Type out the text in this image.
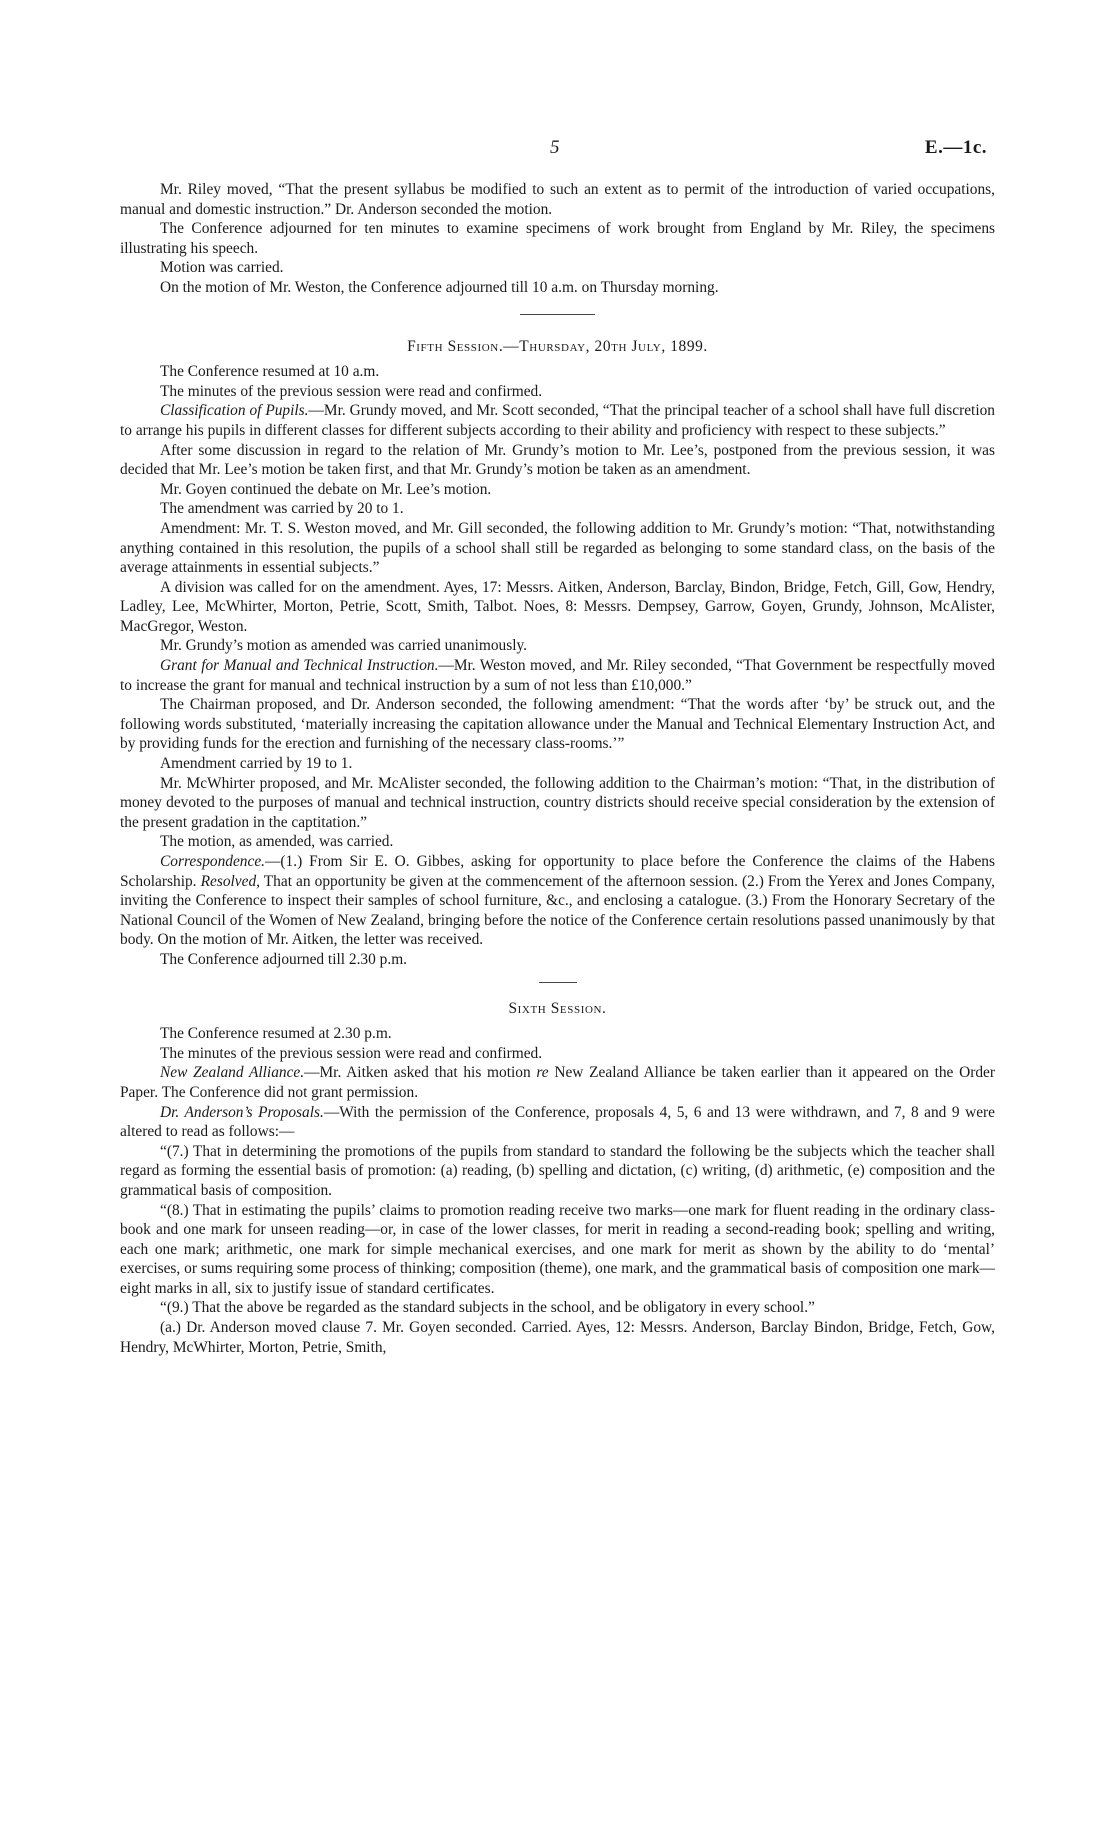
5	E.—1c.

Mr. Riley moved, “That the present syllabus be modified to such an extent as to permit of the introduction of varied occupations, manual and domestic instruction.” Dr. Anderson seconded the motion.

The Conference adjourned for ten minutes to examine specimens of work brought from England by Mr. Riley, the specimens illustrating his speech.

Motion was carried.

On the motion of Mr. Weston, the Conference adjourned till 10 a.m. on Thursday morning.

Fifth Session.—Thursday, 20th July, 1899.

The Conference resumed at 10 a.m.

The minutes of the previous session were read and confirmed.

Classification of Pupils.—Mr. Grundy moved, and Mr. Scott seconded, “That the principal teacher of a school shall have full discretion to arrange his pupils in different classes for different subjects according to their ability and proficiency with respect to these subjects.”

After some discussion in regard to the relation of Mr. Grundy’s motion to Mr. Lee’s, postponed from the previous session, it was decided that Mr. Lee’s motion be taken first, and that Mr. Grundy’s motion be taken as an amendment.

Mr. Goyen continued the debate on Mr. Lee’s motion.

The amendment was carried by 20 to 1.

Amendment: Mr. T. S. Weston moved, and Mr. Gill seconded, the following addition to Mr. Grundy’s motion: “That, notwithstanding anything contained in this resolution, the pupils of a school shall still be regarded as belonging to some standard class, on the basis of the average attainments in essential subjects.”

A division was called for on the amendment. Ayes, 17: Messrs. Aitken, Anderson, Barclay, Bindon, Bridge, Fetch, Gill, Gow, Hendry, Ladley, Lee, McWhirter, Morton, Petrie, Scott, Smith, Talbot. Noes, 8: Messrs. Dempsey, Garrow, Goyen, Grundy, Johnson, McAlister, MacGregor, Weston.

Mr. Grundy’s motion as amended was carried unanimously.

Grant for Manual and Technical Instruction.—Mr. Weston moved, and Mr. Riley seconded, “That Government be respectfully moved to increase the grant for manual and technical instruction by a sum of not less than £10,000.”

The Chairman proposed, and Dr. Anderson seconded, the following amendment: “That the words after ‘by’ be struck out, and the following words substituted, ‘materially increasing the capitation allowance under the Manual and Technical Elementary Instruction Act, and by providing funds for the erection and furnishing of the necessary class-rooms.’”

Amendment carried by 19 to 1.

Mr. McWhirter proposed, and Mr. McAlister seconded, the following addition to the Chairman’s motion: “That, in the distribution of money devoted to the purposes of manual and technical instruction, country districts should receive special consideration by the extension of the present gradation in the captitation.”

The motion, as amended, was carried.

Correspondence.—(1.) From Sir E. O. Gibbes, asking for opportunity to place before the Conference the claims of the Habens Scholarship. Resolved, That an opportunity be given at the commencement of the afternoon session. (2.) From the Yerex and Jones Company, inviting the Conference to inspect their samples of school furniture, &c., and enclosing a catalogue. (3.) From the Honorary Secretary of the National Council of the Women of New Zealand, bringing before the notice of the Conference certain resolutions passed unanimously by that body. On the motion of Mr. Aitken, the letter was received.

The Conference adjourned till 2.30 p.m.

Sixth Session.

The Conference resumed at 2.30 p.m.

The minutes of the previous session were read and confirmed.

New Zealand Alliance.—Mr. Aitken asked that his motion re New Zealand Alliance be taken earlier than it appeared on the Order Paper. The Conference did not grant permission.

Dr. Anderson’s Proposals.—With the permission of the Conference, proposals 4, 5, 6 and 13 were withdrawn, and 7, 8 and 9 were altered to read as follows:—

“(7.) That in determining the promotions of the pupils from standard to standard the following be the subjects which the teacher shall regard as forming the essential basis of promotion: (a) reading, (b) spelling and dictation, (c) writing, (d) arithmetic, (e) composition and the grammatical basis of composition.

“(8.) That in estimating the pupils’ claims to promotion reading receive two marks—one mark for fluent reading in the ordinary class-book and one mark for unseen reading—or, in case of the lower classes, for merit in reading a second-reading book; spelling and writing, each one mark; arithmetic, one mark for simple mechanical exercises, and one mark for merit as shown by the ability to do ‘mental’ exercises, or sums requiring some process of thinking; composition (theme), one mark, and the grammatical basis of composition one mark—eight marks in all, six to justify issue of standard certificates.

“(9.) That the above be regarded as the standard subjects in the school, and be obligatory in every school.”

(a.) Dr. Anderson moved clause 7. Mr. Goyen seconded. Carried. Ayes, 12: Messrs. Anderson, Barclay Bindon, Bridge, Fetch, Gow, Hendry, McWhirter, Morton, Petrie, Smith,
